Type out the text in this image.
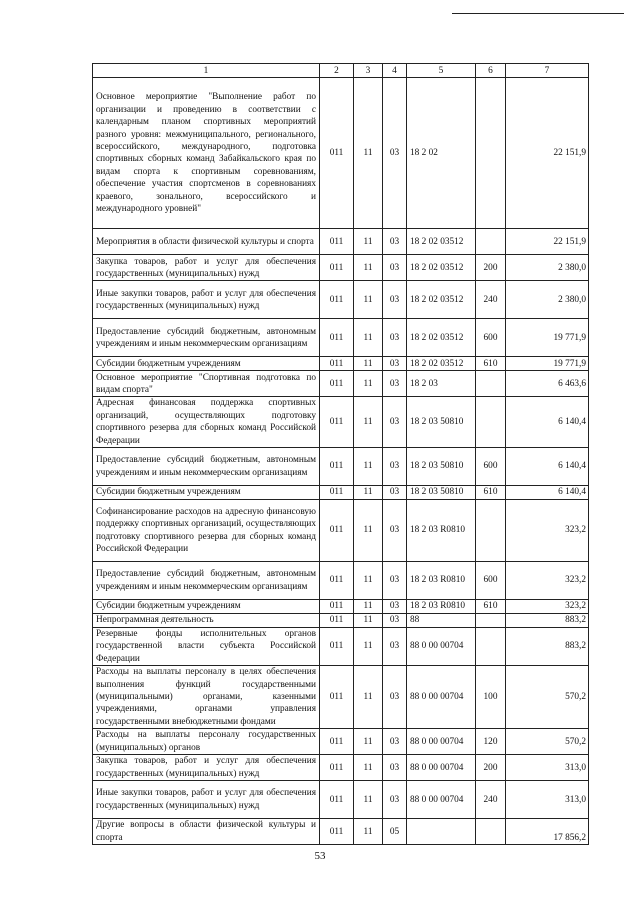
1	2	3	4	5	6	7
Основное мероприятие "Выполнение работ по организации и проведению в соответствии с календарным планом спортивных мероприятий разного уровня: межмуниципального, регионального, всероссийского, международного, подготовка спортивных сборных команд Забайкальского края по видам спорта к спортивным соревнованиям, обеспечение участия спортсменов в соревнованиях краевого, зонального, всероссийского и международного уровней"	011	11	03	18 2 02		22 151,9
Мероприятия в области физической культуры и спорта	011	11	03	18 2 02 03512		22 151,9
Закупка товаров, работ и услуг для обеспечения государственных (муниципальных) нужд	011	11	03	18 2 02 03512	200	2 380,0
Иные закупки товаров, работ и услуг для обеспечения государственных (муниципальных) нужд	011	11	03	18 2 02 03512	240	2 380,0
Предоставление субсидий бюджетным, автономным учреждениям и иным некоммерческим организациям	011	11	03	18 2 02 03512	600	19 771,9
Субсидии бюджетным учреждениям	011	11	03	18 2 02 03512	610	19 771,9
Основное мероприятие "Спортивная подготовка по видам спорта"	011	11	03	18 2 03		6 463,6
Адресная финансовая поддержка спортивных организаций, осуществляющих подготовку спортивного резерва для сборных команд Российской Федерации	011	11	03	18 2 03 50810		6 140,4
Предоставление субсидий бюджетным, автономным учреждениям и иным некоммерческим организациям	011	11	03	18 2 03 50810	600	6 140,4
Субсидии бюджетным учреждениям	011	11	03	18 2 03 50810	610	6 140,4
Софинансирование расходов на адресную финансовую поддержку спортивных организаций, осуществляющих подготовку спортивного резерва для сборных команд Российской Федерации	011	11	03	18 2 03 R0810		323,2
Предоставление субсидий бюджетным, автономным учреждениям и иным некоммерческим организациям	011	11	03	18 2 03 R0810	600	323,2
Субсидии бюджетным учреждениям	011	11	03	18 2 03 R0810	610	323,2
Непрограммная деятельность	011	11	03	88		883,2
Резервные фонды исполнительных органов государственной власти субъекта Российской Федерации	011	11	03	88 0 00 00704		883,2
Расходы на выплаты персоналу в целях обеспечения выполнения функций государственными (муниципальными) органами, казенными учреждениями, органами управления государственными внебюджетными фондами	011	11	03	88 0 00 00704	100	570,2
Расходы на выплаты персоналу государственных (муниципальных) органов	011	11	03	88 0 00 00704	120	570,2
Закупка товаров, работ и услуг для обеспечения государственных (муниципальных) нужд	011	11	03	88 0 00 00704	200	313,0
Иные закупки товаров, работ и услуг для обеспечения государственных (муниципальных) нужд	011	11	03	88 0 00 00704	240	313,0
Другие вопросы в области физической культуры и спорта	011	11	05			17 856,2
53
